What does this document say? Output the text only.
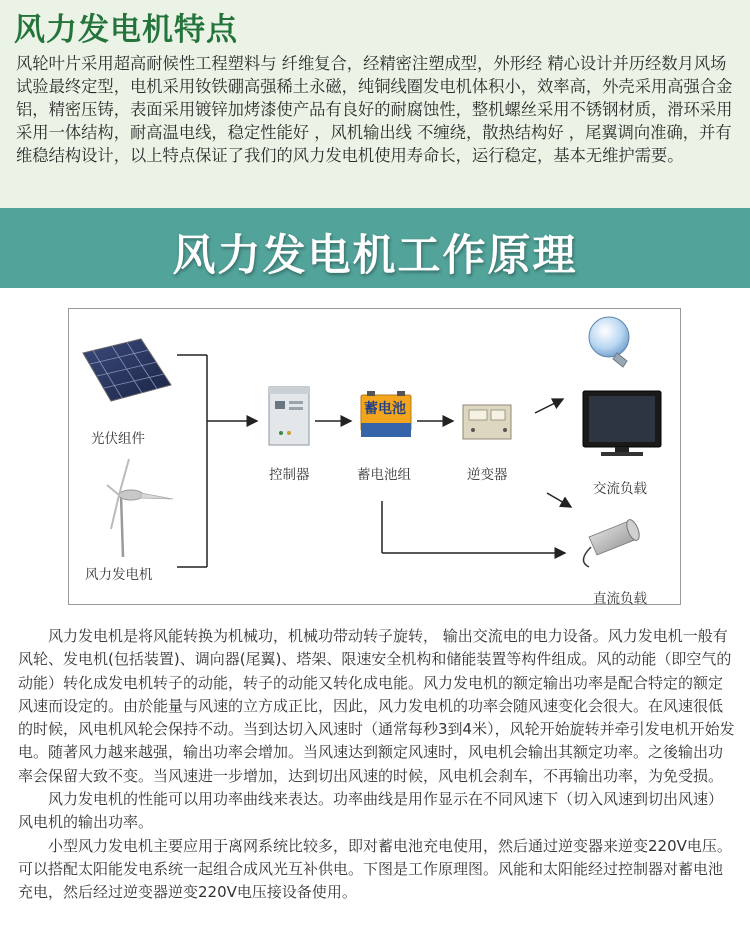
风力发电机特点

风轮叶片采用超高耐候性工程塑料与 纤维复合，经精密注塑成型，外形经 精心设计并历经数月风场试验最终定型，电机采用钕铁硼高强稀土永磁，纯铜线圈发电机体积小，效率高，外壳采用高强合金铝，精密压铸，表面采用镀锌加烤漆使产品有良好的耐腐蚀性，整机螺丝采用不锈钢材质，滑环采用采用一体结构，耐高温电线，稳定性能好 ，风机输出线 不缠绕，散热结构好 ，尾翼调向准确，并有维稳结构设计，以上特点保证了我们的风力发电机使用寿命长，运行稳定，基本无维护需要。

风力发电机工作原理
蓄电池
光伏组件
风力发电机
控制器	蓄电池组	逆变器
交流负载
直流负载

风力发电机是将风能转换为机械功，机械功带动转子旋转， 输出交流电的电力设备。风力发电机一般有风轮、发电机(包括装置)、调向器(尾翼)、塔架、限速安全机构和储能装置等构件组成。风的动能（即空气的动能）转化成发电机转子的动能，转子的动能又转化成电能。风力发电机的额定输出功率是配合特定的额定风速而设定的。由於能量与风速的立方成正比，因此，风力发电机的功率会随风速变化会很大。在风速很低的时候，风电机风轮会保持不动。当到达切入风速时（通常每秒3到4米），风轮开始旋转并牵引发电机开始发电。随著风力越来越强，输出功率会增加。当风速达到额定风速时，风电机会输出其额定功率。之後输出功率会保留大致不变。当风速进一步增加，达到切出风速的时候，风电机会刹车，不再输出功率，为免受损。

风力发电机的性能可以用功率曲线来表达。功率曲线是用作显示在不同风速下（切入风速到切出风速）风电机的输出功率。

小型风力发电机主要应用于离网系统比较多，即对蓄电池充电使用，然后通过逆变器来逆变220V电压。可以搭配太阳能发电系统一起组合成风光互补供电。下图是工作原理图。风能和太阳能经过控制器对蓄电池充电，然后经过逆变器逆变220V电压接设备使用。
